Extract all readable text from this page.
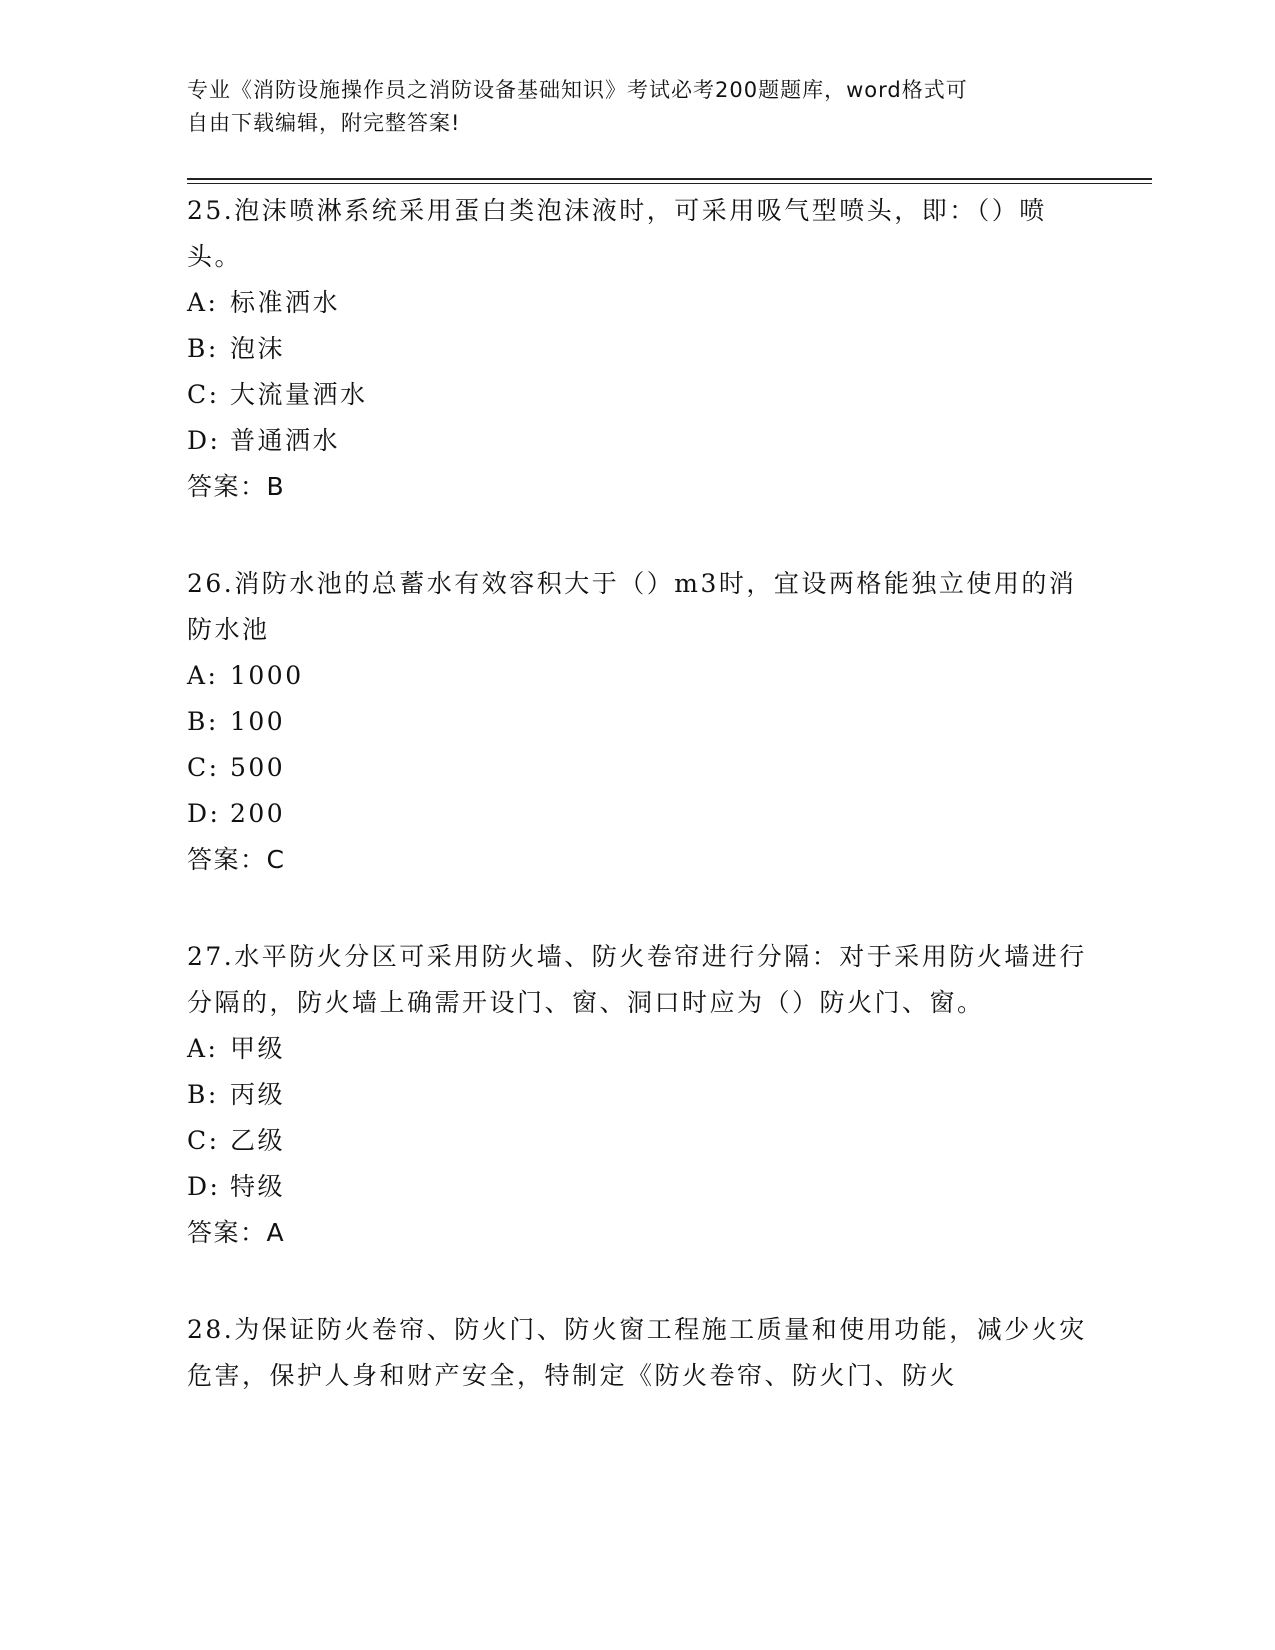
专业《消防设施操作员之消防设备基础知识》考试必考200题题库，word格式可
自由下载编辑，附完整答案!

25.泡沫喷淋系统采用蛋白类泡沫液时，可采用吸气型喷头，即：（）喷头。

A: 标准洒水

B: 泡沫

C: 大流量洒水

D: 普通洒水

答案：B

26.消防水池的总蓄水有效容积大于（）m3时，宜设两格能独立使用的消防水池

A: 1000

B: 100

C: 500

D: 200

答案：C

27.水平防火分区可采用防火墙、防火卷帘进行分隔：对于采用防火墙进行分隔的，防火墙上确需开设门、窗、洞口时应为（）防火门、窗。

A: 甲级

B: 丙级

C: 乙级

D: 特级

答案：A

28.为保证防火卷帘、防火门、防火窗工程施工质量和使用功能，减少火灾危害，保护人身和财产安全，特制定《防火卷帘、防火门、防火
